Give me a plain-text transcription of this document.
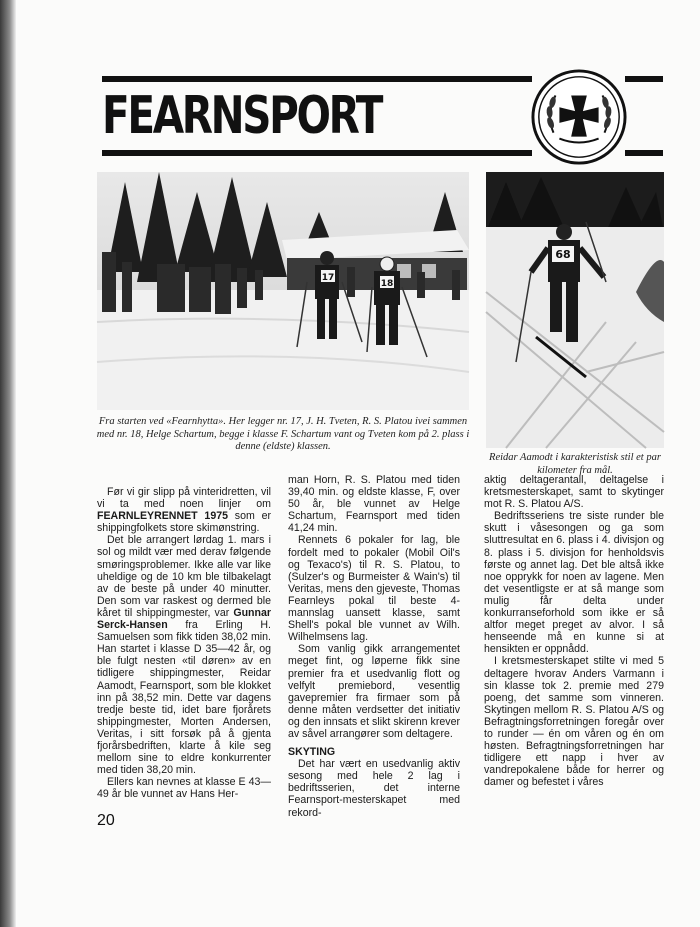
FEARNSPORT
17
18

Fra starten ved «Fearnhytta». Her legger nr. 17, J. H. Tveten, R. S. Platou ivei sammen med nr. 18, Helge Schartum, begge i klasse F. Schartum vant og Tveten kom på 2. plass i denne (eldste) klassen.

68

Reidar Aamodt i karakteristisk stil et par kilometer fra mål.

Før vi gir slipp på vinteridretten, vil vi ta med noen linjer om FEARNLEYRENNET 1975 som er shippingfolkets store skimønstring.

Det ble arrangert lørdag 1. mars i sol og mildt vær med derav følgende smøringsproblemer. Ikke alle var like uheldige og de 10 km ble tilbakelagt av de beste på under 40 minutter. Den som var raskest og dermed ble kåret til shippingmester, var Gunnar Serck-Hansen fra Erling H. Samuelsen som fikk tiden 38,02 min. Han startet i klasse D 35—42 år, og ble fulgt nesten «til døren» av en tidligere shippingmester, Reidar Aamodt, Fearnsport, som ble klokket inn på 38,52 min. Dette var dagens tredje beste tid, idet bare fjorårets shippingmester, Morten Andersen, Veritas, i sitt forsøk på å gjenta fjorårsbedriften, klarte å kile seg mellom sine to eldre konkurrenter med tiden 38,20 min.

Ellers kan nevnes at klasse E 43—49 år ble vunnet av Hans Her-

man Horn, R. S. Platou med tiden 39,40 min. og eldste klasse, F, over 50 år, ble vunnet av Helge Schartum, Fearnsport med tiden 41,24 min.

Rennets 6 pokaler for lag, ble fordelt med to pokaler (Mobil Oil's og Texaco's) til R. S. Platou, to (Sulzer's og Burmeister & Wain's) til Veritas, mens den gjeveste, Thomas Fearnleys pokal til beste 4-mannslag uansett klasse, samt Shell's pokal ble vunnet av Wilh. Wilhelmsens lag.

Som vanlig gikk arrangementet meget fint, og løperne fikk sine premier fra et usedvanlig flott og velfylt premiebord, vesentlig gavepremier fra firmaer som på denne måten verdsetter det initiativ og den innsats et slikt skirenn krever av såvel arrangører som deltagere.

SKYTING

Det har vært en usedvanlig aktiv sesong med hele 2 lag i bedriftsserien, det interne Fearnsport-mesterskapet med rekord-

aktig deltagerantall, deltagelse i kretsmesterskapet, samt to skytinger mot R. S. Platou A/S.

Bedriftsseriens tre siste runder ble skutt i våsesongen og ga som sluttresultat en 6. plass i 4. divisjon og 8. plass i 5. divisjon for henholdsvis første og annet lag. Det ble altså ikke noe opprykk for noen av lagene. Men det vesentligste er at så mange som mulig får delta under konkurranseforhold som ikke er så altfor meget preget av alvor. I så henseende må en kunne si at hensikten er oppnådd.

I kretsmesterskapet stilte vi med 5 deltagere hvorav Anders Varmann i sin klasse tok 2. premie med 279 poeng, det samme som vinneren. Skytingen mellom R. S. Platou A/S og Befragtningsforretningen foregår over to runder — én om våren og én om høsten. Befragtningsforretningen har tidligere ett napp i hver av vandrepokalene både for herrer og damer og befestet i våres

20
